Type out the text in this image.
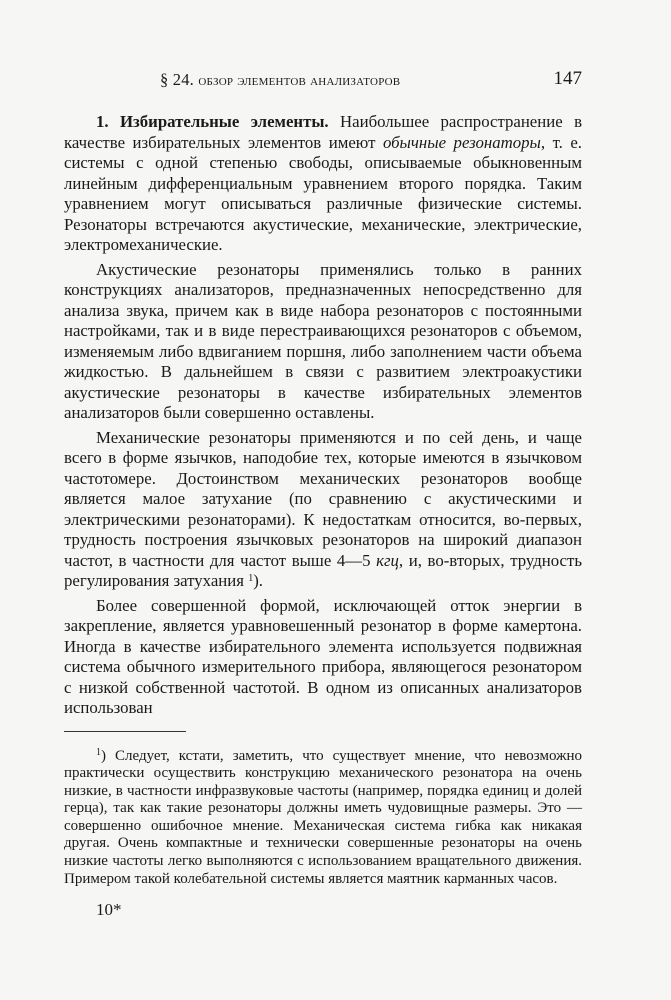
§ 24. обзор элементов анализаторов	147

1. Избирательные элементы. Наибольшее распространение в качестве избирательных элементов имеют обычные резонаторы, т. е. системы с одной степенью свободы, описываемые обыкновенным линейным дифференциальным уравнением второго порядка. Таким уравнением могут описываться различные физические системы. Резонаторы встречаются акустические, механические, электрические, электромеханические.

Акустические резонаторы применялись только в ранних конструкциях анализаторов, предназначенных непосредственно для анализа звука, причем как в виде набора резонаторов с постоянными настройками, так и в виде перестраивающихся резонаторов с объемом, изменяемым либо вдвиганием поршня, либо заполнением части объема жидкостью. В дальнейшем в связи с развитием электроакустики акустические резонаторы в качестве избирательных элементов анализаторов были совершенно оставлены.

Механические резонаторы применяются и по сей день, и чаще всего в форме язычков, наподобие тех, которые имеются в язычковом частотомере. Достоинством механических резонаторов вообще является малое затухание (по сравнению с акустическими и электрическими резонаторами). К недостаткам относится, во-первых, трудность построения язычковых резонаторов на широкий диапазон частот, в частности для частот выше 4—5 кгц, и, во-вторых, трудность регулирования затухания $^1$).

Более совершенной формой, исключающей отток энергии в закрепление, является уравновешенный резонатор в форме камертона. Иногда в качестве избирательного элемента используется подвижная система обычного измерительного прибора, являющегося резонатором с низкой собственной частотой. В одном из описанных анализаторов использован

$^1$) Следует, кстати, заметить, что существует мнение, что невозможно практически осуществить конструкцию механического резонатора на очень низкие, в частности инфразвуковые частоты (например, порядка единиц и долей герца), так как такие резонаторы должны иметь чудовищные размеры. Это — совершенно ошибочное мнение. Механическая система гибка как никакая другая. Очень компактные и технически совершенные резонаторы на очень низкие частоты легко выполняются с использованием вращательного движения. Примером такой колебательной системы является маятник карманных часов.

10*
